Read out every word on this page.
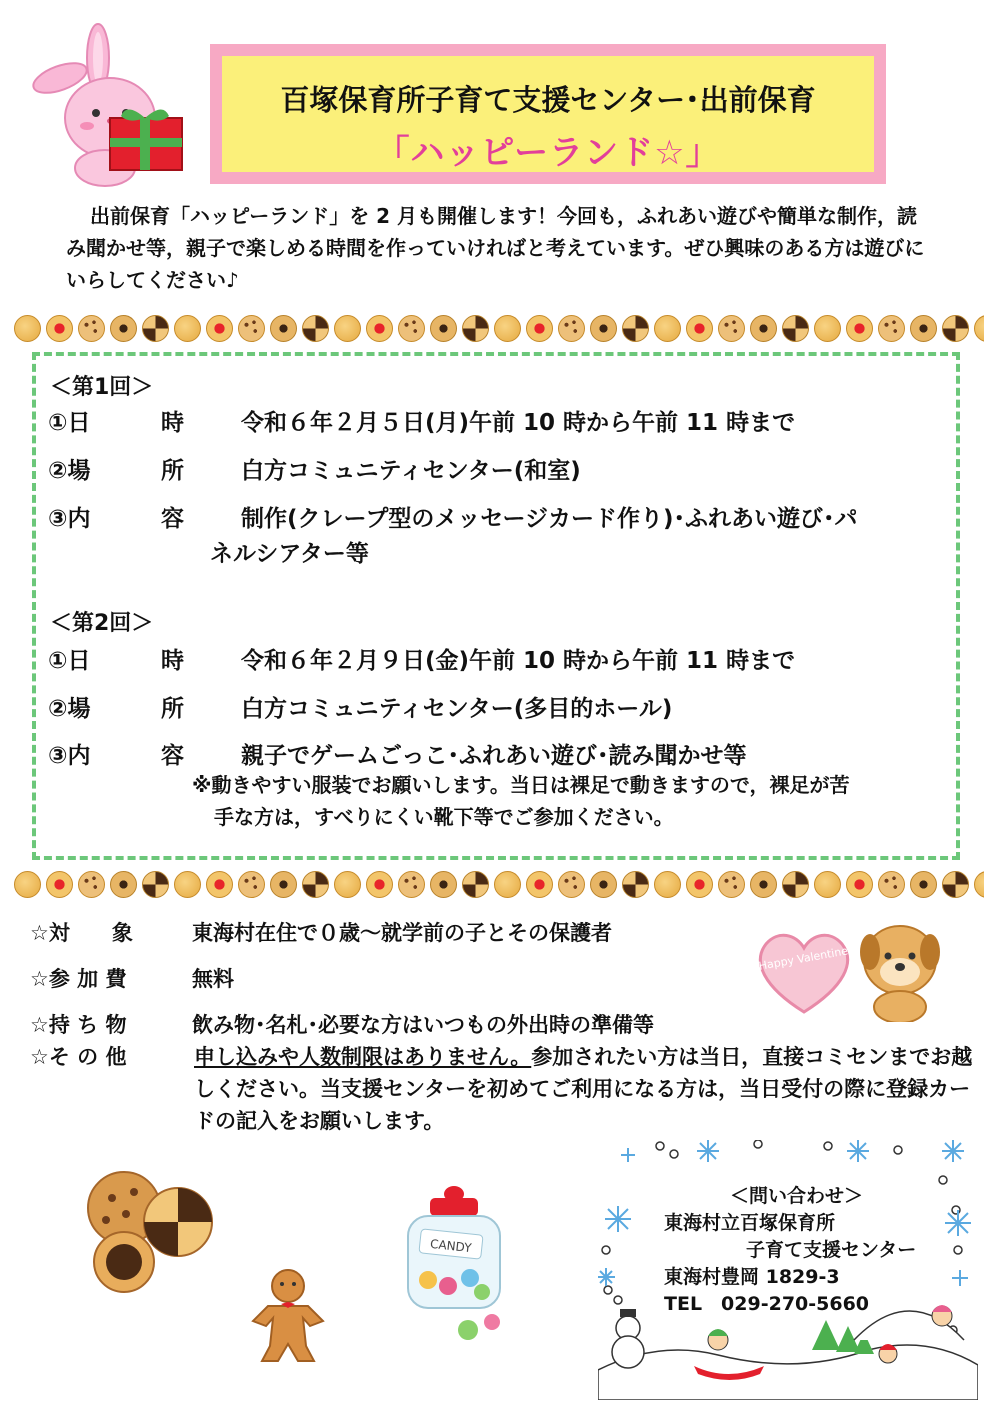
百塚保育所子育て支援センター･出前保育
「ハッピーランド☆」
出前保育「ハッピーランド」を 2 月も開催します！今回も，ふれあい遊びや簡単な制作，読み聞かせ等，親子で楽しめる時間を作っていければと考えています。ぜひ興味のある方は遊びにいらしてください♪
＜第1回＞
①日	時 令和６年２月５日(月)午前 10 時から午前 11 時まで
②場	所 白方コミュニティセンター(和室)
③内	容 制作(クレープ型のメッセージカード作り)･ふれあい遊び･パ
ネルシアター等
＜第2回＞
①日	時 令和６年２月９日(金)午前 10 時から午前 11 時まで
②場	所 白方コミュニティセンター(多目的ホール)
③内	容 親子でゲームごっこ･ふれあい遊び･読み聞かせ等
※動きやすい服装でお願いします。当日は裸足で動きますので，裸足が苦
手な方は，すべりにくい靴下等でご参加ください。
☆対　　象	東海村在住で０歳～就学前の子とその保護者
☆参 加 費	無料
☆持 ち 物	飲み物･名札･必要な方はいつもの外出時の準備等
☆そ の 他	申し込みや人数制限はありません。参加されたい方は当日，直接コミセンまでお越しください。当支援センターを初めてご利用になる方は，当日受付の際に登録カードの記入をお願いします。
Happy Valentine
CANDY
＜問い合わせ＞
東海村立百塚保育所
子育て支援センター
東海村豊岡 1829-3
TEL　029-270-5660
